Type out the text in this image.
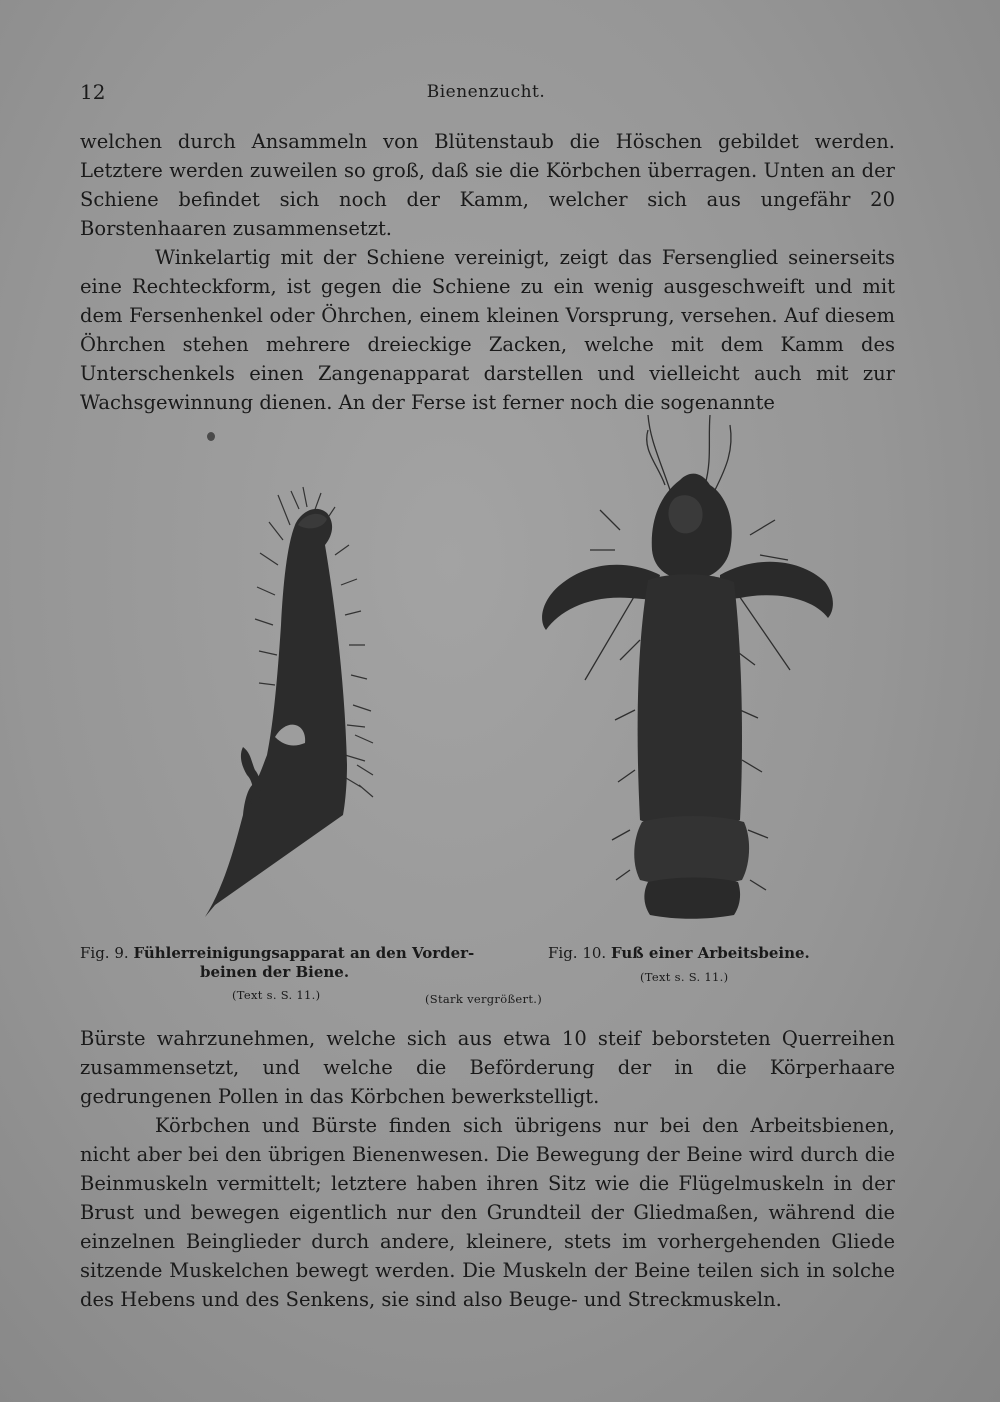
12	Bienenzucht.

welchen durch Ansammeln von Blütenstaub die Höschen gebildet werden. Letztere werden zuweilen so groß, daß sie die Körbchen überragen. Unten an der Schiene befindet sich noch der Kamm, welcher sich aus ungefähr 20 Borstenhaaren zusammensetzt.

Winkelartig mit der Schiene vereinigt, zeigt das Fersenglied seinerseits eine Rechteckform, ist gegen die Schiene zu ein wenig ausgeschweift und mit dem Fersenhenkel oder Öhrchen, einem kleinen Vorsprung, versehen. Auf diesem Öhrchen stehen mehrere dreieckige Zacken, welche mit dem Kamm des Unterschenkels einen Zangenapparat darstellen und vielleicht auch mit zur Wachsgewinnung dienen. An der Ferse ist ferner noch die sogenannte

Fig. 9. Fühlerreinigungsapparat an den Vorder-
beinen der Biene.
(Text s. S. 11.)	(Stark vergrößert.)
Fig. 10. Fuß einer Arbeitsbeine.
(Text s. S. 11.)

Bürste wahrzunehmen, welche sich aus etwa 10 steif beborsteten Querreihen zusammensetzt, und welche die Beförderung der in die Körperhaare gedrungenen Pollen in das Körbchen bewerkstelligt.

Körbchen und Bürste finden sich übrigens nur bei den Arbeitsbienen, nicht aber bei den übrigen Bienenwesen. Die Bewegung der Beine wird durch die Beinmuskeln vermittelt; letztere haben ihren Sitz wie die Flügelmuskeln in der Brust und bewegen eigentlich nur den Grundteil der Gliedmaßen, während die einzelnen Beinglieder durch andere, kleinere, stets im vorhergehenden Gliede sitzende Muskelchen bewegt werden. Die Muskeln der Beine teilen sich in solche des Hebens und des Senkens, sie sind also Beuge- und Streckmuskeln.
